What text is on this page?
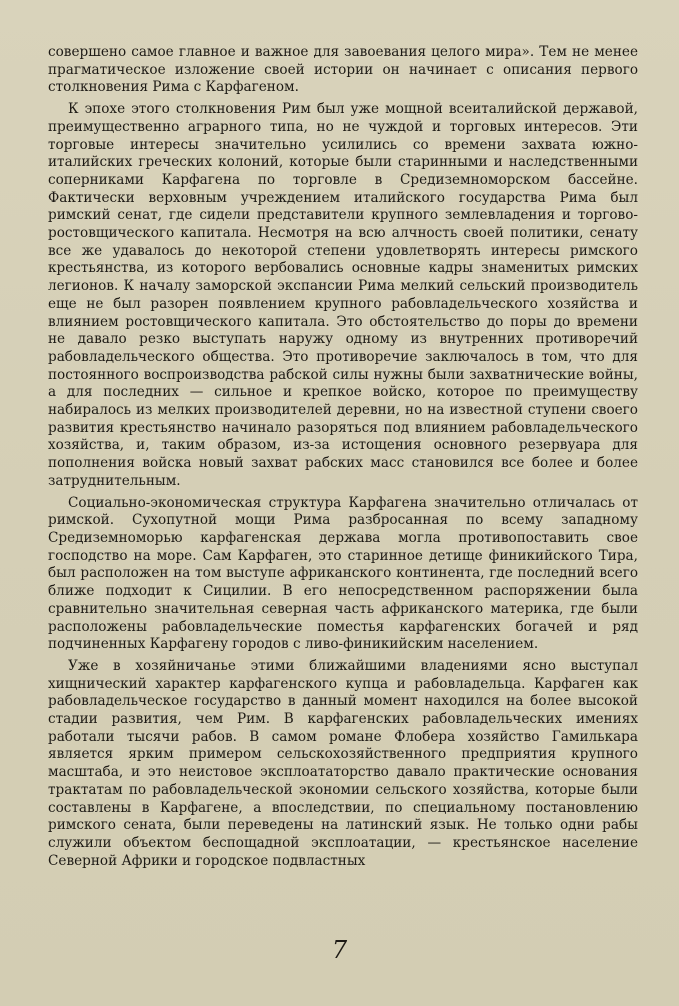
совершено самое главное и важное для завоевания целого мира». Тем не менее прагматическое изложение своей истории он начинает с описания первого столкновения Рима с Карфагеном.

К эпохе этого столкновения Рим был уже мощной всеиталийской державой, преимущественно аграрного типа, но не чуждой и торговых интересов. Эти торговые интересы значительно усилились со времени захвата южно-италийских греческих колоний, которые были старинными и наследственными соперниками Карфагена по торговле в Средиземноморском бассейне. Фактически верховным учреждением италийского государства Рима был римский сенат, где сидели представители крупного землевладения и торгово-ростовщического капитала. Несмотря на всю алчность своей политики, сенату все же удавалось до некоторой степени удовлетворять интересы римского крестьянства, из которого вербовались основные кадры знаменитых римских легионов. К началу заморской экспансии Рима мелкий сельский производитель еще не был разорен появлением крупного рабовладельческого хозяйства и влиянием ростовщического капитала. Это обстоятельство до поры до времени не давало резко выступать наружу одному из внутренних противоречий рабовладельческого общества. Это противоречие заключалось в том, что для постоянного воспроизводства рабской силы нужны были захватнические войны, а для последних — сильное и крепкое войско, которое по преимуществу набиралось из мелких производителей деревни, но на известной ступени своего развития крестьянство начинало разоряться под влиянием рабовладельческого хозяйства, и, таким образом, из-за истощения основного резервуара для пополнения войска новый захват рабских масс становился все более и более затруднительным.

Социально-экономическая структура Карфагена значительно отличалась от римской. Сухопутной мощи Рима разбросанная по всему западному Средиземноморью карфагенская держава могла противопоставить свое господство на море. Сам Карфаген, это старинное детище финикийского Тира, был расположен на том выступе африканского континента, где последний всего ближе подходит к Сицилии. В его непосредственном распоряжении была сравнительно значительная северная часть африканского материка, где были расположены рабовладельческие поместья карфагенских богачей и ряд подчиненных Карфагену городов с ливо-финикийским населением.

Уже в хозяйничанье этими ближайшими владениями ясно выступал хищнический характер карфагенского купца и рабовладельца. Карфаген как рабовладельческое государство в данный момент находился на более высокой стадии развития, чем Рим. В карфагенских рабовладельческих имениях работали тысячи рабов. В самом романе Флобера хозяйство Гамилькара является ярким примером сельскохозяйственного предприятия крупного масштаба, и это неистовое эксплоататорство давало практические основания трактатам по рабовладельческой экономии сельского хозяйства, которые были составлены в Карфагене, а впоследствии, по специальному постановлению римского сената, были переведены на латинский язык. Не только одни рабы служили объектом беспощадной эксплоатации, — крестьянское население Северной Африки и городское подвластных

7
